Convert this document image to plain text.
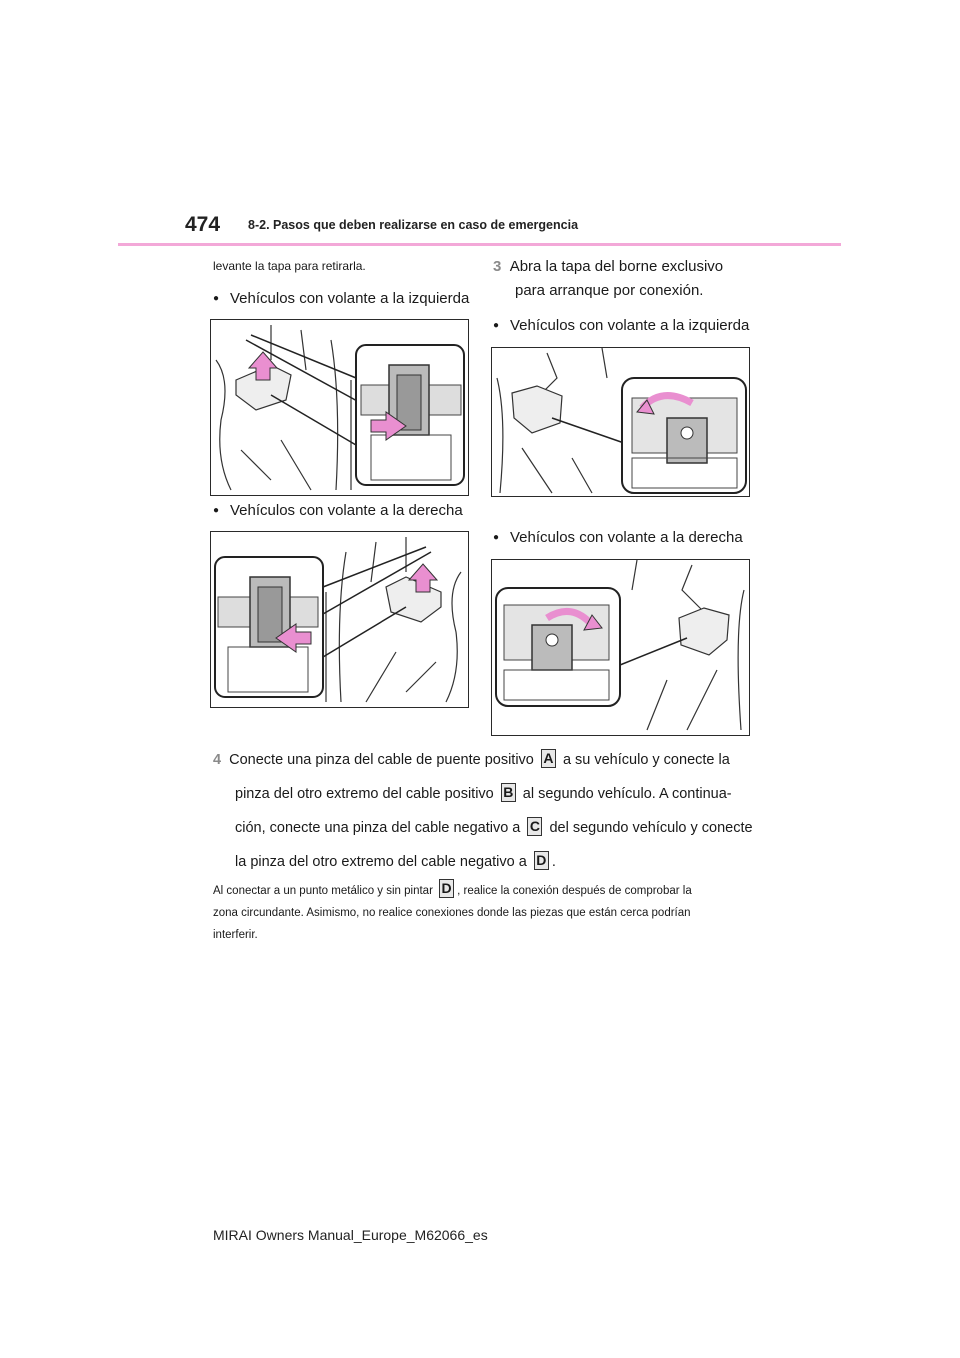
474 8-2. Pasos que deben realizarse en caso de emergencia
levante la tapa para retirarla.
● Vehículos con volante a la izquierda
● Vehículos con volante a la derecha
3 Abra la tapa del borne exclusivo
para arranque por conexión.
● Vehículos con volante a la izquierda
● Vehículos con volante a la derecha
4 Conecte una pinza del cable de puente positivo A a su vehículo y conecte la
pinza del otro extremo del cable positivo B al segundo vehículo. A continua-
ción, conecte una pinza del cable negativo a C del segundo vehículo y conecte
la pinza del otro extremo del cable negativo a D .
Al conectar a un punto metálico y sin pintar D , realice la conexión después de comprobar la
zona circundante. Asimismo, no realice conexiones donde las piezas que están cerca podrían
interferir.
MIRAI Owners Manual_Europe_M62066_es
